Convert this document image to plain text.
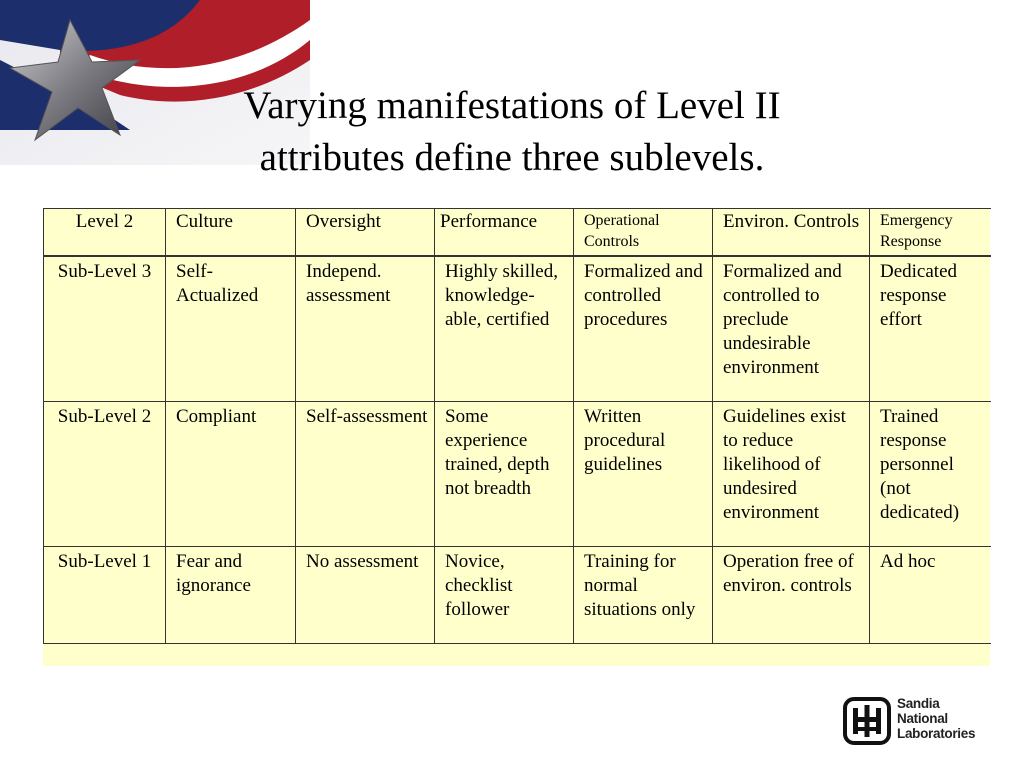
Varying manifestations of Level II
attributes define three sublevels.
Level 2	Culture	Oversight	Performance	Operational Controls	Environ. Controls	Emergency Response
Sub-Level 3	Self-Actualized	Independ. assessment	Highly skilled, knowledge-able, certified	Formalized and controlled procedures	Formalized and controlled to preclude undesirable environment	Dedicated response effort
Sub-Level 2	Compliant	Self-assessment	Some experience trained, depth not breadth	Written procedural guidelines	Guidelines exist to reduce likelihood of undesired environment	Trained response personnel (not dedicated)
Sub-Level 1	Fear and ignorance	No assessment	Novice, checklist follower	Training for normal situations only	Operation free of environ. controls	Ad hoc
Sandia
National
Laboratories
